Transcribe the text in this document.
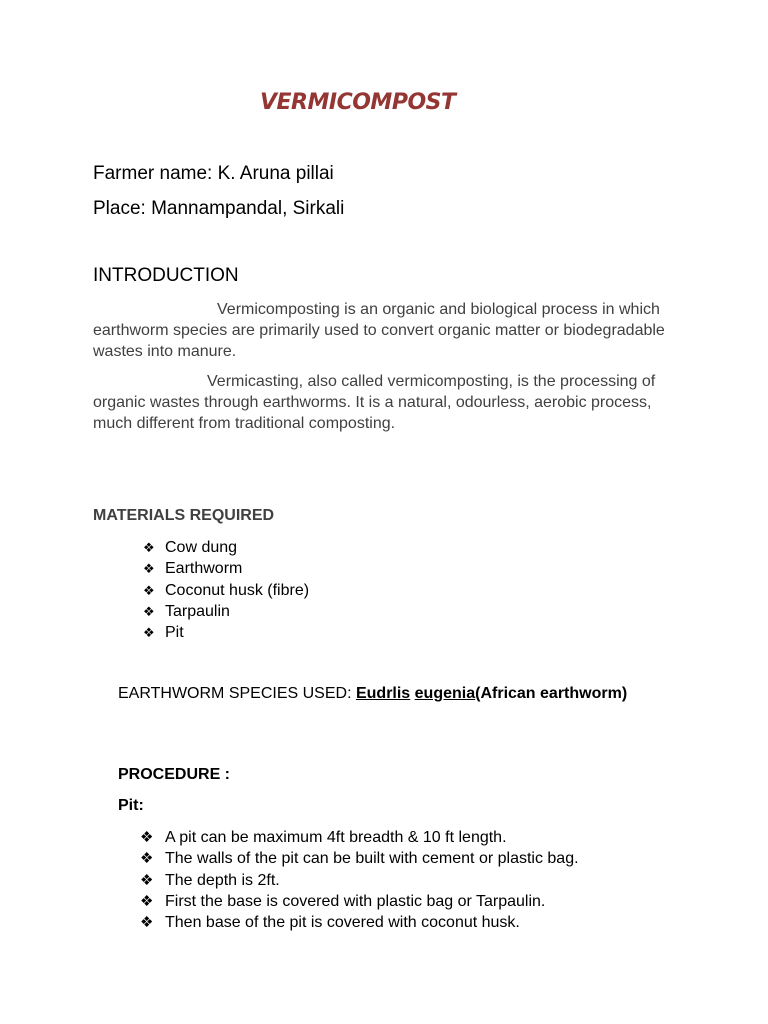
VERMICOMPOST

Farmer name: K. Aruna pillai

Place: Mannampandal, Sirkali

INTRODUCTION

Vermicomposting is an organic and biological process in which earthworm species are primarily used to convert organic matter or biodegradable wastes into manure.

Vermicasting, also called vermicomposting, is the processing of organic wastes through earthworms. It is a natural, odourless, aerobic process, much different from traditional composting.

MATERIALS REQUIRED
❖ Cow dung
❖ Earthworm
❖ Coconut husk (fibre)
❖ Tarpaulin
❖ Pit

EARTHWORM SPECIES USED: Eudrlis eugenia(African earthworm)

PROCEDURE :
Pit:
❖ A pit can be maximum 4ft breadth & 10 ft length.
❖ The walls of the pit can be built with cement or plastic bag.
❖ The depth is 2ft.
❖ First the base is covered with plastic bag or Tarpaulin.
❖ Then base of the pit is covered with coconut husk.
